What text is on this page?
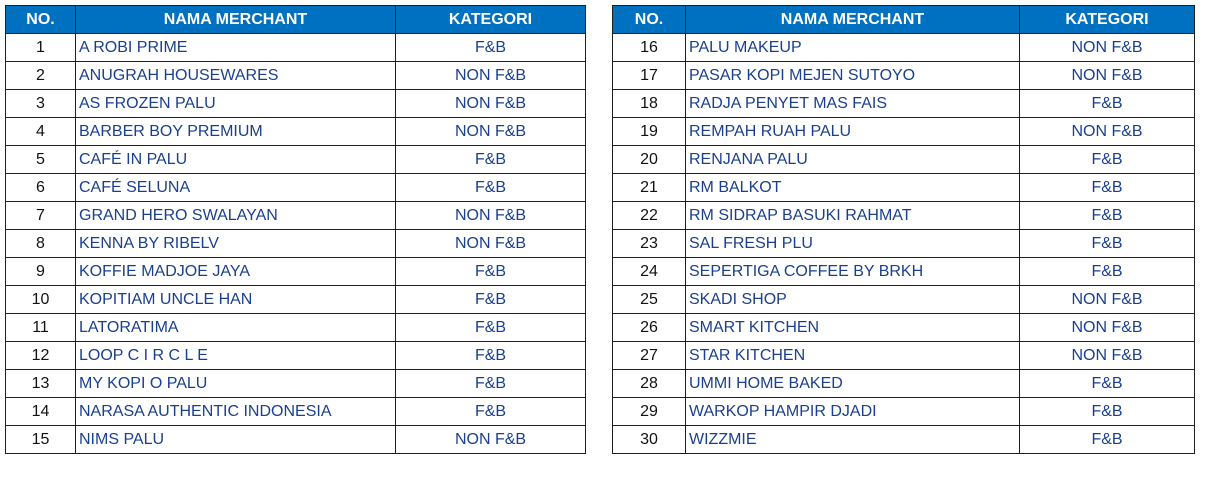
NO.	NAMA MERCHANT	KATEGORI
1	A ROBI PRIME	F&B
2	ANUGRAH HOUSEWARES	NON F&B
3	AS FROZEN PALU	NON F&B
4	BARBER BOY PREMIUM	NON F&B
5	CAFÉ IN PALU	F&B
6	CAFÉ SELUNA	F&B
7	GRAND HERO SWALAYAN	NON F&B
8	KENNA BY RIBELV	NON F&B
9	KOFFIE MADJOE JAYA	F&B
10	KOPITIAM UNCLE HAN	F&B
11	LATORATIMA	F&B
12	LOOP C I R C L E	F&B
13	MY KOPI O PALU	F&B
14	NARASA AUTHENTIC INDONESIA	F&B
15	NIMS PALU	NON F&B
NO.	NAMA MERCHANT	KATEGORI
16	PALU MAKEUP	NON F&B
17	PASAR KOPI MEJEN SUTOYO	NON F&B
18	RADJA PENYET MAS FAIS	F&B
19	REMPAH RUAH PALU	NON F&B
20	RENJANA PALU	F&B
21	RM BALKOT	F&B
22	RM SIDRAP BASUKI RAHMAT	F&B
23	SAL FRESH PLU	F&B
24	SEPERTIGA COFFEE BY BRKH	F&B
25	SKADI SHOP	NON F&B
26	SMART KITCHEN	NON F&B
27	STAR KITCHEN	NON F&B
28	UMMI HOME BAKED	F&B
29	WARKOP HAMPIR DJADI	F&B
30	WIZZMIE	F&B
